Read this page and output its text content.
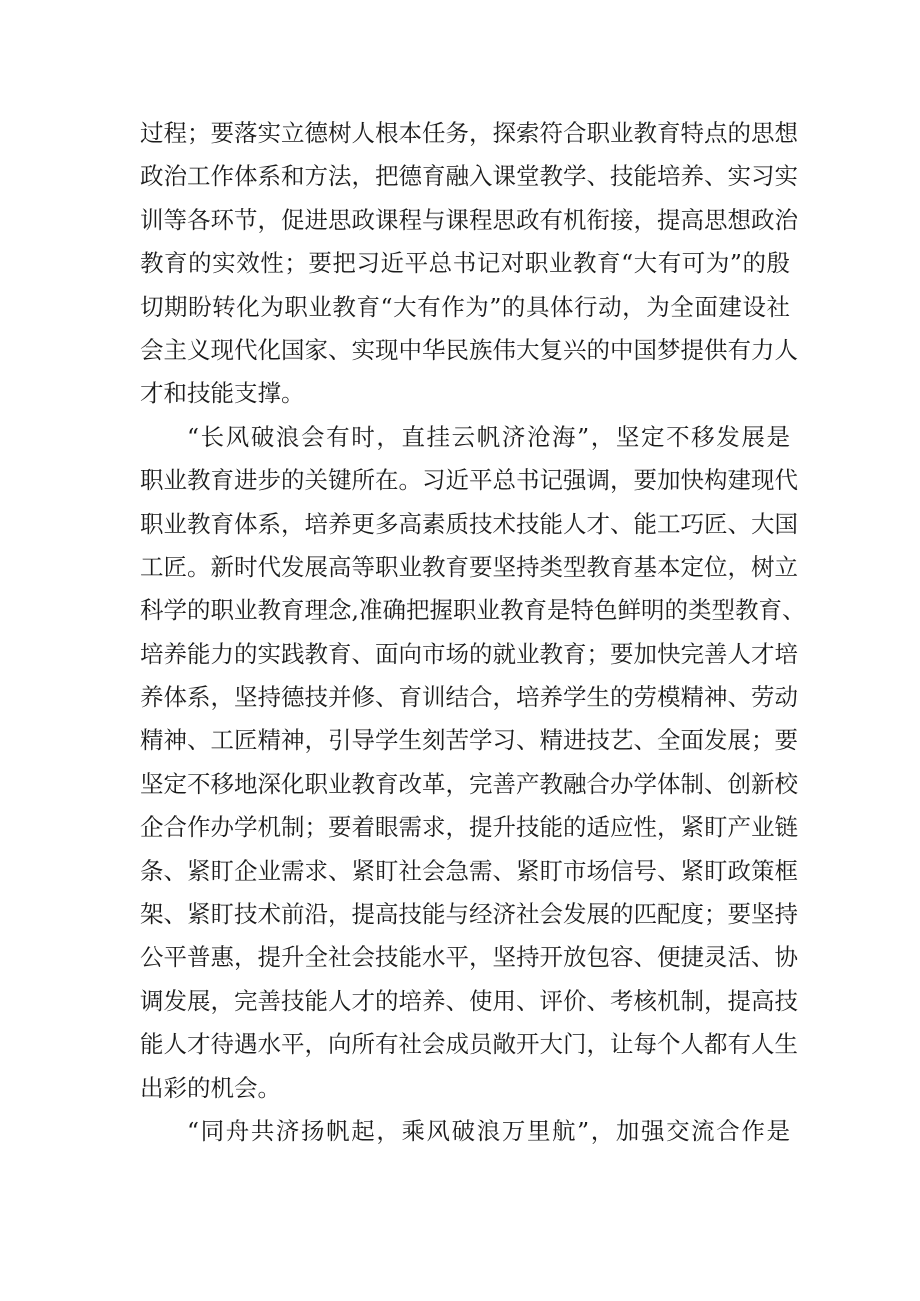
过程；要落实立德树人根本任务，探索符合职业教育特点的思想
政治工作体系和方法，把德育融入课堂教学、技能培养、实习实
训等各环节，促进思政课程与课程思政有机衔接，提高思想政治
教育的实效性；要把习近平总书记对职业教育“大有可为”的殷
切期盼转化为职业教育“大有作为”的具体行动，为全面建设社
会主义现代化国家、实现中华民族伟大复兴的中国梦提供有力人
才和技能支撑。
“长风破浪会有时，直挂云帆济沧海”，坚定不移发展是
职业教育进步的关键所在。习近平总书记强调，要加快构建现代
职业教育体系，培养更多高素质技术技能人才、能工巧匠、大国
工匠。新时代发展高等职业教育要坚持类型教育基本定位，树立
科学的职业教育理念,准确把握职业教育是特色鲜明的类型教育、
培养能力的实践教育、面向市场的就业教育；要加快完善人才培
养体系，坚持德技并修、育训结合，培养学生的劳模精神、劳动
精神、工匠精神，引导学生刻苦学习、精进技艺、全面发展；要
坚定不移地深化职业教育改革，完善产教融合办学体制、创新校
企合作办学机制；要着眼需求，提升技能的适应性，紧盯产业链
条、紧盯企业需求、紧盯社会急需、紧盯市场信号、紧盯政策框
架、紧盯技术前沿，提高技能与经济社会发展的匹配度；要坚持
公平普惠，提升全社会技能水平，坚持开放包容、便捷灵活、协
调发展，完善技能人才的培养、使用、评价、考核机制，提高技
能人才待遇水平，向所有社会成员敞开大门，让每个人都有人生
出彩的机会。
“同舟共济扬帆起，乘风破浪万里航”，加强交流合作是
